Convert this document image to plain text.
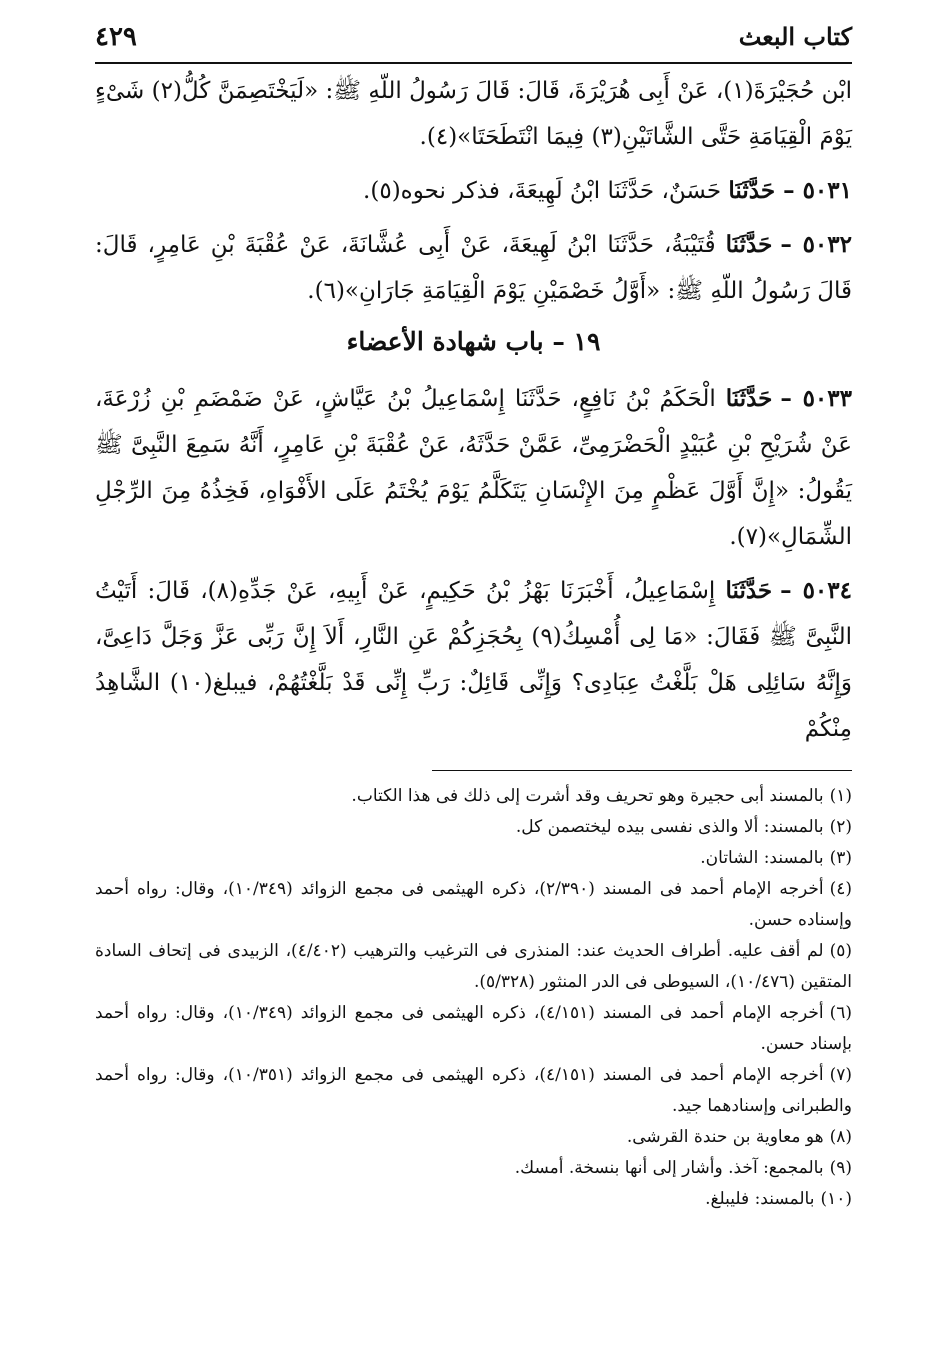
كتاب البعث
٤٢٩

ابْن حُجَيْرَةَ(١)، عَنْ أَبِى هُرَيْرَةَ، قَالَ: قَالَ رَسُولُ اللّهِ ﷺ: «لَيَخْتَصِمَنَّ كُلُّ(٢) شَىْءٍ يَوْمَ الْقِيَامَةِ حَتَّى الشَّاتَيْنِ(٣) فِيمَا انْتَطَحَتَا»(٤).

٥٠٣١ –حَدَّثَنَا حَسَنٌ، حَدَّثَنَا ابْنُ لَهِيعَةَ، فذكر نحوه(٥).

٥٠٣٢ –حَدَّثَنَا قُتَيْبَةُ، حَدَّثَنَا ابْنُ لَهِيعَةَ، عَنْ أَبِى عُشَّانَةَ، عَنْ عُقْبَةَ بْنِ عَامِرٍ، قَالَ: قَالَ رَسُولُ اللّهِ ﷺ: «أَوَّلُ خَصْمَيْنِ يَوْمَ الْقِيَامَةِ جَارَانِ»(٦).

١٩ – باب شهادة الأعضاء

٥٠٣٣ –حَدَّثَنَا الْحَكَمُ بْنُ نَافِعٍ، حَدَّثَنَا إِسْمَاعِيلُ بْنُ عَيَّاشٍ، عَنْ ضَمْضَمِ بْنِ زُرْعَةَ، عَنْ شُرَيْحِ بْنِ عُبَيْدٍ الْحَضْرَمِىِّ، عَمَّنْ حَدَّثَهُ، عَنْ عُقْبَةَ بْنِ عَامِرٍ، أَنَّهُ سَمِعَ النَّبِىَّ ﷺ يَقُولُ: «إِنَّ أَوَّلَ عَظْمٍ مِنَ الإِنْسَانِ يَتَكَلَّمُ يَوْمَ يُخْتَمُ عَلَى الأَفْوَاهِ، فَخِذُهُ مِنَ الرِّجْلِ الشِّمَالِ»(٧).

٥٠٣٤ –حَدَّثَنَا إِسْمَاعِيلُ، أَخْبَرَنَا بَهْزُ بْنُ حَكِيمٍ، عَنْ أَبِيهِ، عَنْ جَدِّهِ(٨)، قَالَ: أَتَيْتُ النَّبِىَّ ﷺ فَقَالَ: «مَا لِى أُمْسِكُ(٩) بِحُجَزِكُمْ عَنِ النَّارِ، أَلاَ إِنَّ رَبِّى عَزَّ وَجَلَّ دَاعِىَّ، وَإِنَّهُ سَائِلِى هَلْ بَلَّغْتُ عِبَادِى؟ وَإِنِّى قَائِلٌ: رَبِّ إِنِّى قَدْ بَلَّغْتُهُمْ، فيبلغ(١٠) الشَّاهِدُ مِنْكُمْ

(١)بالمسند أبى حجيرة وهو تحريف وقد أشرت إلى ذلك فى هذا الكتاب.

(٢)بالمسند: ألا والذى نفسى بيده ليختصمن كل.

(٣)بالمسند: الشاتان.

(٤)أخرجه الإمام أحمد فى المسند (٢/٣٩٠)، ذكره الهيثمى فى مجمع الزوائد (١٠/٣٤٩)، وقال: رواه أحمد وإسناده حسن.

(٥)لم أقف عليه. أطراف الحديث عند: المنذرى فى الترغيب والترهيب (٤/٤٠٢)، الزبيدى فى إتحاف السادة المتقين (١٠/٤٧٦)، السيوطى فى الدر المنثور (٥/٣٢٨).

(٦)أخرجه الإمام أحمد فى المسند (٤/١٥١)، ذكره الهيثمى فى مجمع الزوائد (١٠/٣٤٩)، وقال: رواه أحمد بإسناد حسن.

(٧)أخرجه الإمام أحمد فى المسند (٤/١٥١)، ذكره الهيثمى فى مجمع الزوائد (١٠/٣٥١)، وقال: رواه أحمد والطبرانى وإسنادهما جيد.

(٨)هو معاوية بن حندة القرشى.

(٩)بالمجمع: آخذ. وأشار إلى أنها بنسخة. أمسك.

(١٠)بالمسند: فليبلغ.
